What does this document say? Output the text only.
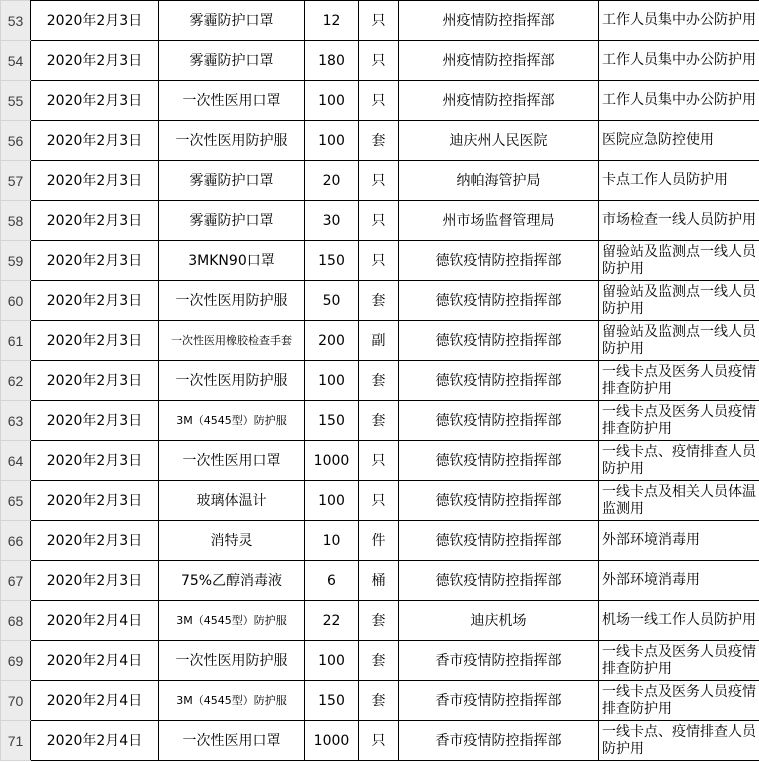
53	2020年2月3日	雾霾防护口罩	12	只	州疫情防控指挥部	工作人员集中办公防护用
54	2020年2月3日	雾霾防护口罩	180	只	州疫情防控指挥部	工作人员集中办公防护用
55	2020年2月3日	一次性医用口罩	100	只	州疫情防控指挥部	工作人员集中办公防护用
56	2020年2月3日	一次性医用防护服	100	套	迪庆州人民医院	医院应急防控使用
57	2020年2月3日	雾霾防护口罩	20	只	纳帕海管护局	卡点工作人员防护用
58	2020年2月3日	雾霾防护口罩	30	只	州市场监督管理局	市场检查一线人员防护用
59	2020年2月3日	3MKN90口罩	150	只	德钦疫情防控指挥部	留验站及监测点一线人员防护用
60	2020年2月3日	一次性医用防护服	50	套	德钦疫情防控指挥部	留验站及监测点一线人员防护用
61	2020年2月3日	一次性医用橡胶检查手套	200	副	德钦疫情防控指挥部	留验站及监测点一线人员防护用
62	2020年2月3日	一次性医用防护服	100	套	德钦疫情防控指挥部	一线卡点及医务人员疫情排查防护用
63	2020年2月3日	3M（4545型）防护服	150	套	德钦疫情防控指挥部	一线卡点及医务人员疫情排查防护用
64	2020年2月3日	一次性医用口罩	1000	只	德钦疫情防控指挥部	一线卡点、疫情排查人员防护用
65	2020年2月3日	玻璃体温计	100	只	德钦疫情防控指挥部	一线卡点及相关人员体温监测用
66	2020年2月3日	消特灵	10	件	德钦疫情防控指挥部	外部环境消毒用
67	2020年2月3日	75%乙醇消毒液	6	桶	德钦疫情防控指挥部	外部环境消毒用
68	2020年2月4日	3M（4545型）防护服	22	套	迪庆机场	机场一线工作人员防护用
69	2020年2月4日	一次性医用防护服	100	套	香市疫情防控指挥部	一线卡点及医务人员疫情排查防护用
70	2020年2月4日	3M（4545型）防护服	150	套	香市疫情防控指挥部	一线卡点及医务人员疫情排查防护用
71	2020年2月4日	一次性医用口罩	1000	只	香市疫情防控指挥部	一线卡点、疫情排查人员防护用
